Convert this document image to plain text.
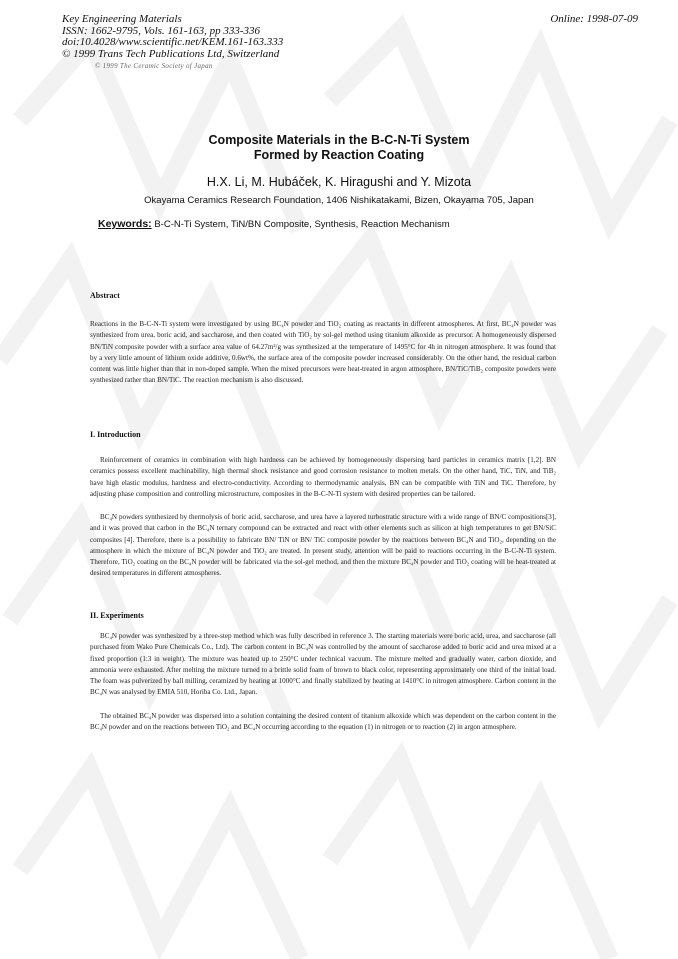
Key Engineering Materials
ISSN: 1662-9795, Vols. 161-163, pp 333-336
doi:10.4028/www.scientific.net/KEM.161-163.333
© 1999 Trans Tech Publications Ltd, Switzerland
Online: 1998-07-09
© 1999 The Ceramic Society of Japan
Composite Materials in the B-C-N-Ti System
Formed by Reaction Coating
H.X. Li, M. Hubáček, K. Hiragushi and Y. Mizota
Okayama Ceramics Research Foundation, 1406 Nishikatakami, Bizen, Okayama 705, Japan
Keywords: B-C-N-Ti System, TiN/BN Composite, Synthesis, Reaction Mechanism
Abstract
Reactions in the B-C-N-Ti system were investigated by using BC₄N powder and TiO₂ coating as reactants in different atmospheres. At first, BC₄N powder was synthesized from urea, boric acid, and saccharose, and then coated with TiO₂ by sol-gel method using titanium alkoxide as precursor. A homogeneously dispersed BN/TiN composite powder with a surface area value of 64.27m²/g was synthesized at the temperature of 1495°C for 4h in nitrogen atmosphere. It was found that by a very little amount of lithium oxide additive, 0.6wt%, the surface area of the composite powder increased considerably. On the other hand, the residual carbon content was little higher than that in non-doped sample. When the mixed precursors were heat-treated in argon atmosphere, BN/TiC/TiB₂ composite powders were synthesized rather than BN/TiC. The reaction mechanism is also discussed.
I. Introduction
Reinforcement of ceramics in combination with high hardness can be achieved by homogeneously dispersing hard particles in ceramics matrix [1,2]. BN ceramics possess excellent machinability, high thermal shock resistance and good corrosion resistance to molten metals. On the other hand, TiC, TiN, and TiB₂ have high elastic modulus, hardness and electro-conductivity. According to thermodynamic analysis, BN can be compatible with TiN and TiC. Therefore, by adjusting phase composition and controlling microstructure, composites in the B-C-N-Ti system with desired properties can be tailored.
BC₄N powders synthesized by thermolysis of boric acid, saccharose, and urea have a layered turbostratic structure with a wide range of BN/C compositions[3], and it was proved that carbon in the BC₄N ternary compound can be extracted and react with other elements such as silicon at high temperatures to get BN/SiC composites [4]. Therefore, there is a possibility to fabricate BN/ TiN or BN/ TiC composite powder by the reactions between BC₄N and TiO₂, depending on the atmosphere in which the mixture of BC₄N powder and TiO₂ are treated. In present study, attention will be paid to reactions occurring in the B-C-N-Ti system. Therefore, TiO₂ coating on the BC₄N powder will be fabricated via the sol-gel method, and then the mixture BC₄N powder and TiO₂ coating will be heat-treated at desired temperatures in different atmospheres.
II. Experiments
BC₄N powder was synthesized by a three-step method which was fully described in reference 3. The starting materials were boric acid, urea, and saccharose (all purchased from Wako Pure Chemicals Co., Ltd). The carbon content in BC₄N was controlled by the amount of saccharose added to boric acid and urea mixed at a fixed proportion (1:3 in weight). The mixture was heated up to 250°C under technical vacuum. The mixture melted and gradually water, carbon dioxide, and ammonia were exhausted. After melting the mixture turned to a brittle solid foam of brown to black color, representing approximately one third of the initial load. The foam was pulverized by ball milling, ceramized by heating at 1000°C and finally stabilized by heating at 1410°C in nitrogen atmosphere. Carbon content in the BC₄N was analysed by EMIA 510, Horiba Co. Ltd., Japan.
The obtained BC₄N powder was dispersed into a solution containing the desired content of titanium alkoxide which was dependent on the carbon content in the BC₄N powder and on the reactions between TiO₂ and BC₄N occurring according to the equation (1) in nitrogen or to reaction (2) in argon atmosphere.
